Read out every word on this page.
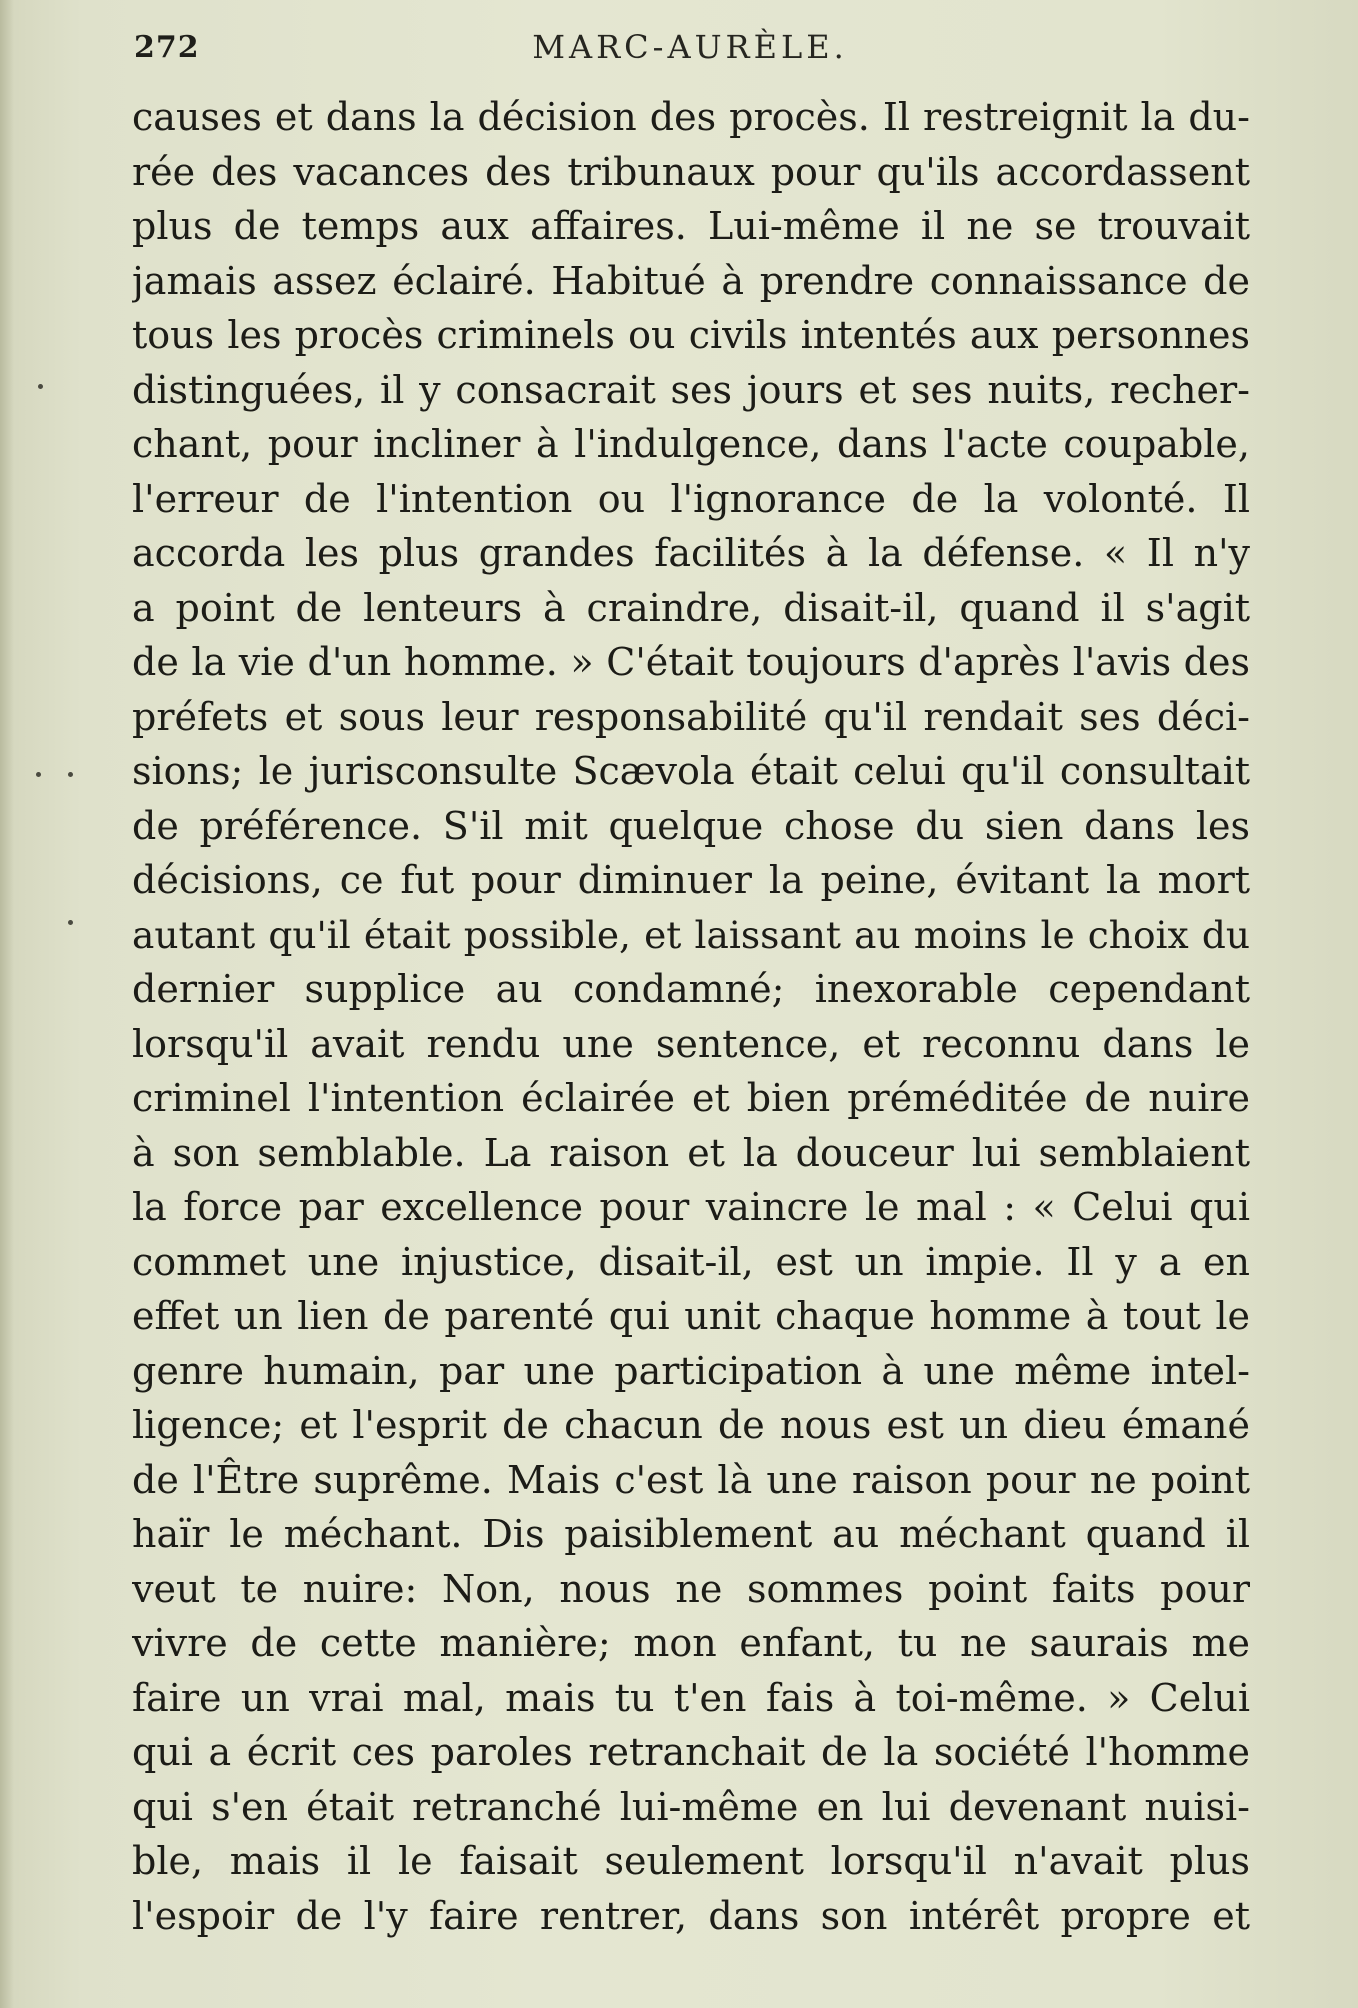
272	MARC-AURÈLE.
causes et dans la décision des procès. Il restreignit la du-
rée des vacances des tribunaux pour qu'ils accordassent
plus de temps aux affaires. Lui-même il ne se trouvait
jamais assez éclairé. Habitué à prendre connaissance de
tous les procès criminels ou civils intentés aux personnes
distinguées, il y consacrait ses jours et ses nuits, recher-
chant, pour incliner à l'indulgence, dans l'acte coupable,
l'erreur de l'intention ou l'ignorance de la volonté. Il
accorda les plus grandes facilités à la défense. « Il n'y
a point de lenteurs à craindre, disait-il, quand il s'agit
de la vie d'un homme. » C'était toujours d'après l'avis des
préfets et sous leur responsabilité qu'il rendait ses déci-
sions; le jurisconsulte Scævola était celui qu'il consultait
de préférence. S'il mit quelque chose du sien dans les
décisions, ce fut pour diminuer la peine, évitant la mort
autant qu'il était possible, et laissant au moins le choix du
dernier supplice au condamné; inexorable cependant
lorsqu'il avait rendu une sentence, et reconnu dans le
criminel l'intention éclairée et bien préméditée de nuire
à son semblable. La raison et la douceur lui semblaient
la force par excellence pour vaincre le mal : « Celui qui
commet une injustice, disait-il, est un impie. Il y a en
effet un lien de parenté qui unit chaque homme à tout le
genre humain, par une participation à une même intel-
ligence; et l'esprit de chacun de nous est un dieu émané
de l'Être suprême. Mais c'est là une raison pour ne point
haïr le méchant. Dis paisiblement au méchant quand il
veut te nuire: Non, nous ne sommes point faits pour
vivre de cette manière; mon enfant, tu ne saurais me
faire un vrai mal, mais tu t'en fais à toi-même. » Celui
qui a écrit ces paroles retranchait de la société l'homme
qui s'en était retranché lui-même en lui devenant nuisi-
ble, mais il le faisait seulement lorsqu'il n'avait plus
l'espoir de l'y faire rentrer, dans son intérêt propre et
